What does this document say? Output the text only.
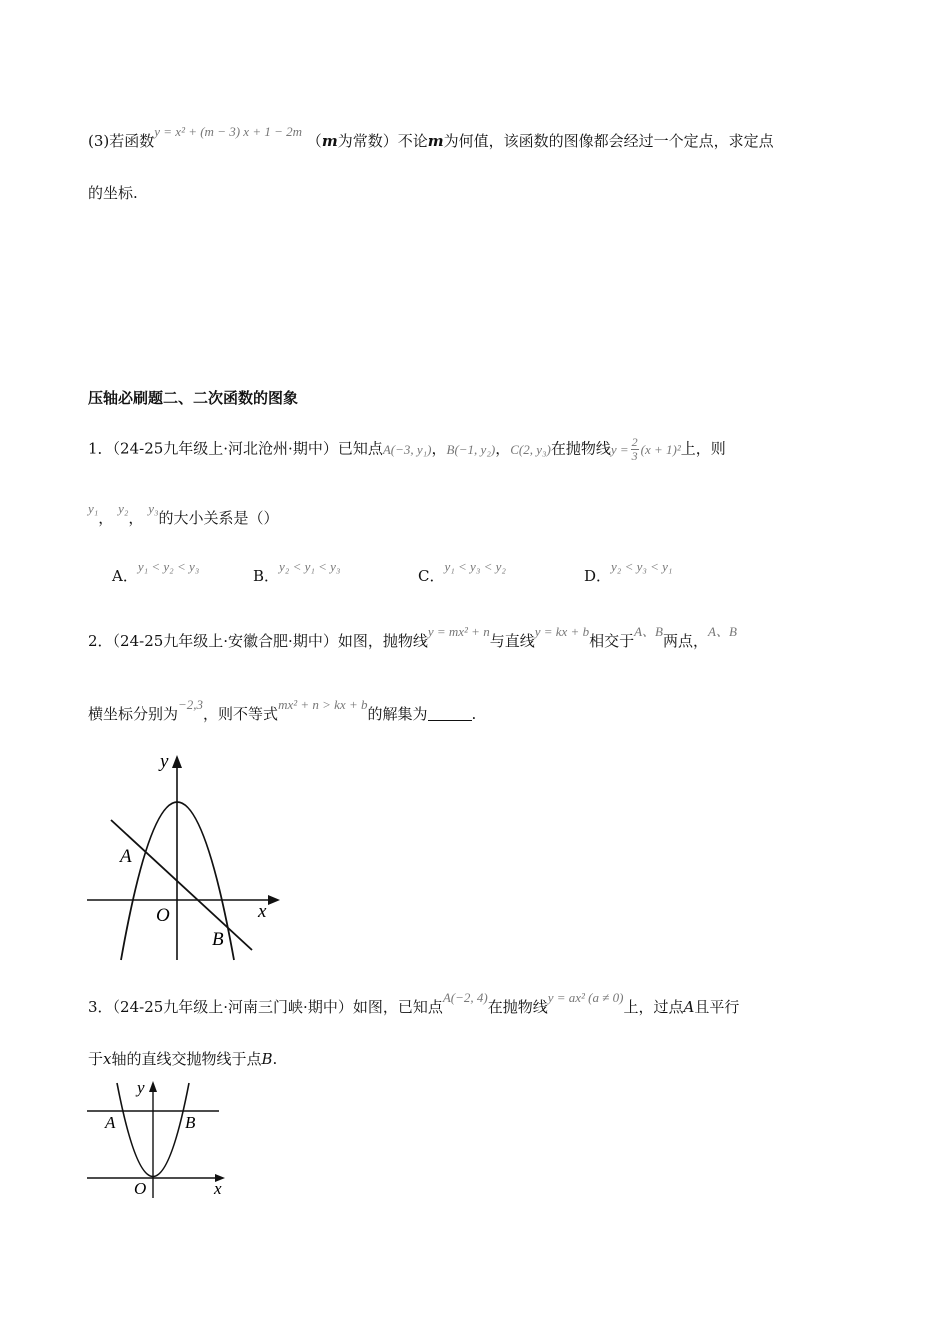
(3)若函数y = x² + (m − 3) x + 1 − 2m （m为常数）不论m为何值，该函数的图像都会经过一个定点，求定点
的坐标.
压轴必刷题二、二次函数的图象
1．（24-25九年级上·河北沧州·期中）已知点A(−3, y₁)，B(−1, y₂)，C(2, y₃)在抛物线$y = \frac{2}{3} (x + 1)^2$上，则
y₁， y₂， y₃的大小关系是（）
A．y₁ < y₂ < y₃
B．y₂ < y₁ < y₃
C．y₁ < y₃ < y₂
D．y₂ < y₃ < y₁
2．（24-25九年级上·安徽合肥·期中）如图，抛物线y = mx² + n与直线y = kx + b相交于A、B两点，A、B
横坐标分别为−2,3，则不等式mx² + n > kx + b的解集为	.
y
x
O
A
B
3．（24-25九年级上·河南三门峡·期中）如图，已知点A(−2, 4)在抛物线y = ax² (a ≠ 0)上，过点A且平行
于x轴的直线交抛物线于点B.
y
x
O
A	B
